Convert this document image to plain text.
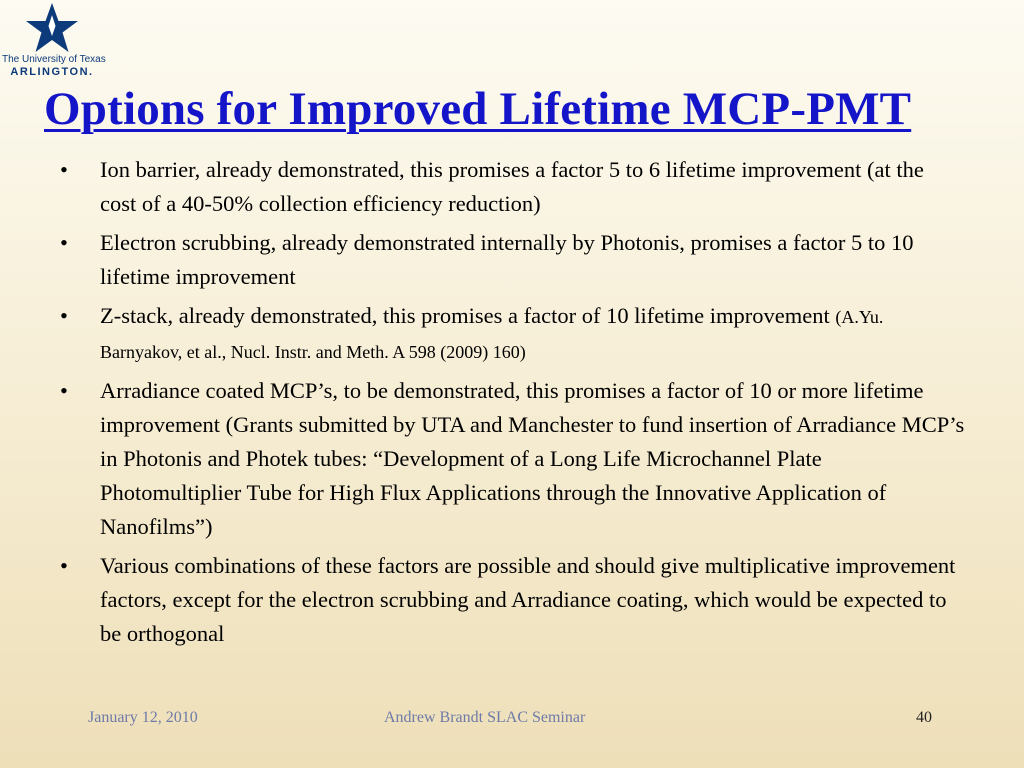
The University of Texas
ARLINGTON.
Options for Improved Lifetime MCP-PMT
• Ion barrier, already demonstrated, this promises a factor 5 to 6 lifetime improvement (at the cost of a 40-50% collection efficiency reduction)
• Electron scrubbing, already demonstrated internally by Photonis, promises a factor 5 to 10 lifetime improvement
• Z-stack, already demonstrated, this promises a factor of 10 lifetime improvement (A.Yu. Barnyakov, et al., Nucl. Instr. and Meth. A 598 (2009) 160)
• Arradiance coated MCP’s, to be demonstrated, this promises a factor of 10 or more lifetime improvement (Grants submitted by UTA and Manchester to fund insertion of Arradiance MCP’s in Photonis and Photek tubes: “Development of a Long Life Microchannel Plate Photomultiplier Tube for High Flux Applications through the Innovative Application of Nanofilms”)
• Various combinations of these factors are possible and should give multiplicative improvement factors, except for the electron scrubbing and Arradiance coating, which would be expected to be orthogonal
January 12, 2010	Andrew Brandt SLAC Seminar	40
